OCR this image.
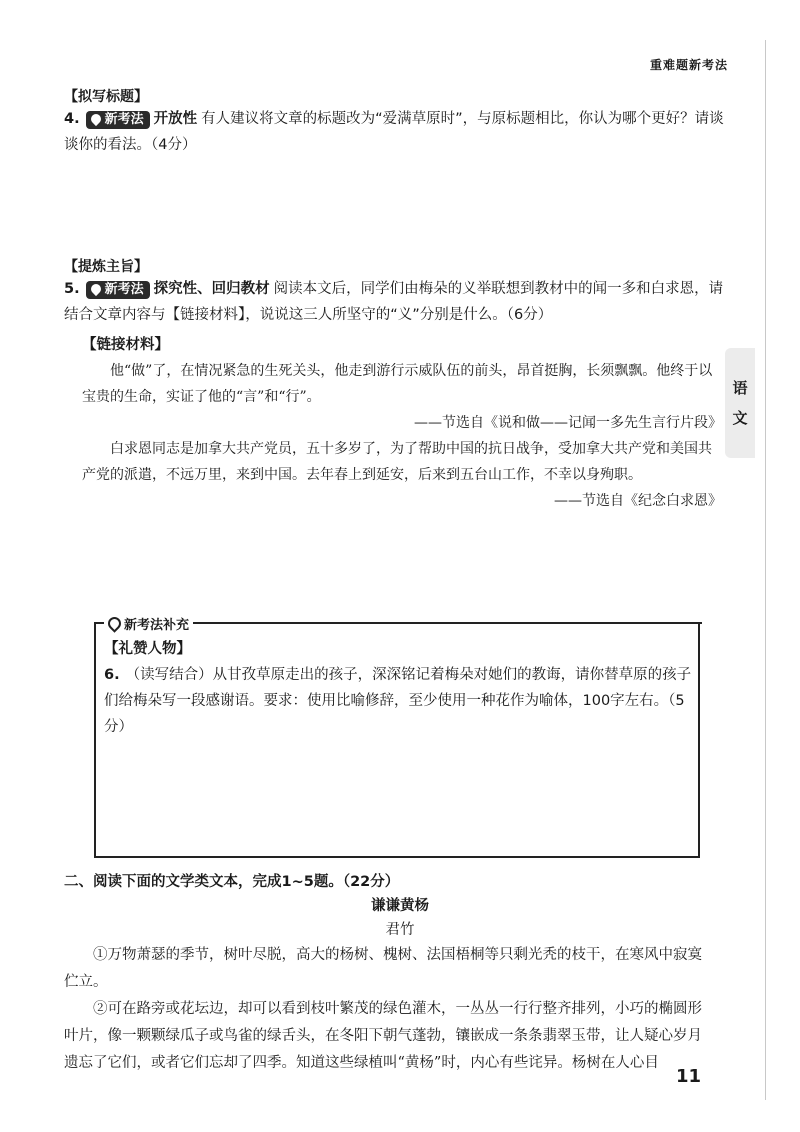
重难题新考法
【拟写标题】
4. 新考法 开放性 有人建议将文章的标题改为“爱满草原时”，与原标题相比，你认为哪个更好？请谈谈你的看法。（4分）
【提炼主旨】
5. 新考法 探究性、回归教材 阅读本文后，同学们由梅朵的义举联想到教材中的闻一多和白求恩，请结合文章内容与【链接材料】，说说这三人所坚守的“义”分别是什么。（6分）
【链接材料】
他“做”了，在情况紧急的生死关头，他走到游行示威队伍的前头，昂首挺胸，长须飘飘。他终于以宝贵的生命，实证了他的“言”和“行”。
——节选自《说和做——记闻一多先生言行片段》
白求恩同志是加拿大共产党员，五十多岁了，为了帮助中国的抗日战争，受加拿大共产党和美国共产党的派遣，不远万里，来到中国。去年春上到延安，后来到五台山工作，不幸以身殉职。
——节选自《纪念白求恩》
语
文
新考法补充
【礼赞人物】
6. （读写结合）从甘孜草原走出的孩子，深深铭记着梅朵对她们的教诲，请你替草原的孩子们给梅朵写一段感谢语。要求：使用比喻修辞，至少使用一种花作为喻体，100字左右。（5分）
二、阅读下面的文学类文本，完成1~5题。（22分）
谦谦黄杨
君竹

①万物萧瑟的季节，树叶尽脱，高大的杨树、槐树、法国梧桐等只剩光秃的枝干，在寒风中寂寞伫立。

②可在路旁或花坛边，却可以看到枝叶繁茂的绿色灌木，一丛丛一行行整齐排列，小巧的椭圆形叶片，像一颗颗绿瓜子或鸟雀的绿舌头，在冬阳下朝气蓬勃，镶嵌成一条条翡翠玉带，让人疑心岁月遗忘了它们，或者它们忘却了四季。知道这些绿植叫“黄杨”时，内心有些诧异。杨树在人心目

11
